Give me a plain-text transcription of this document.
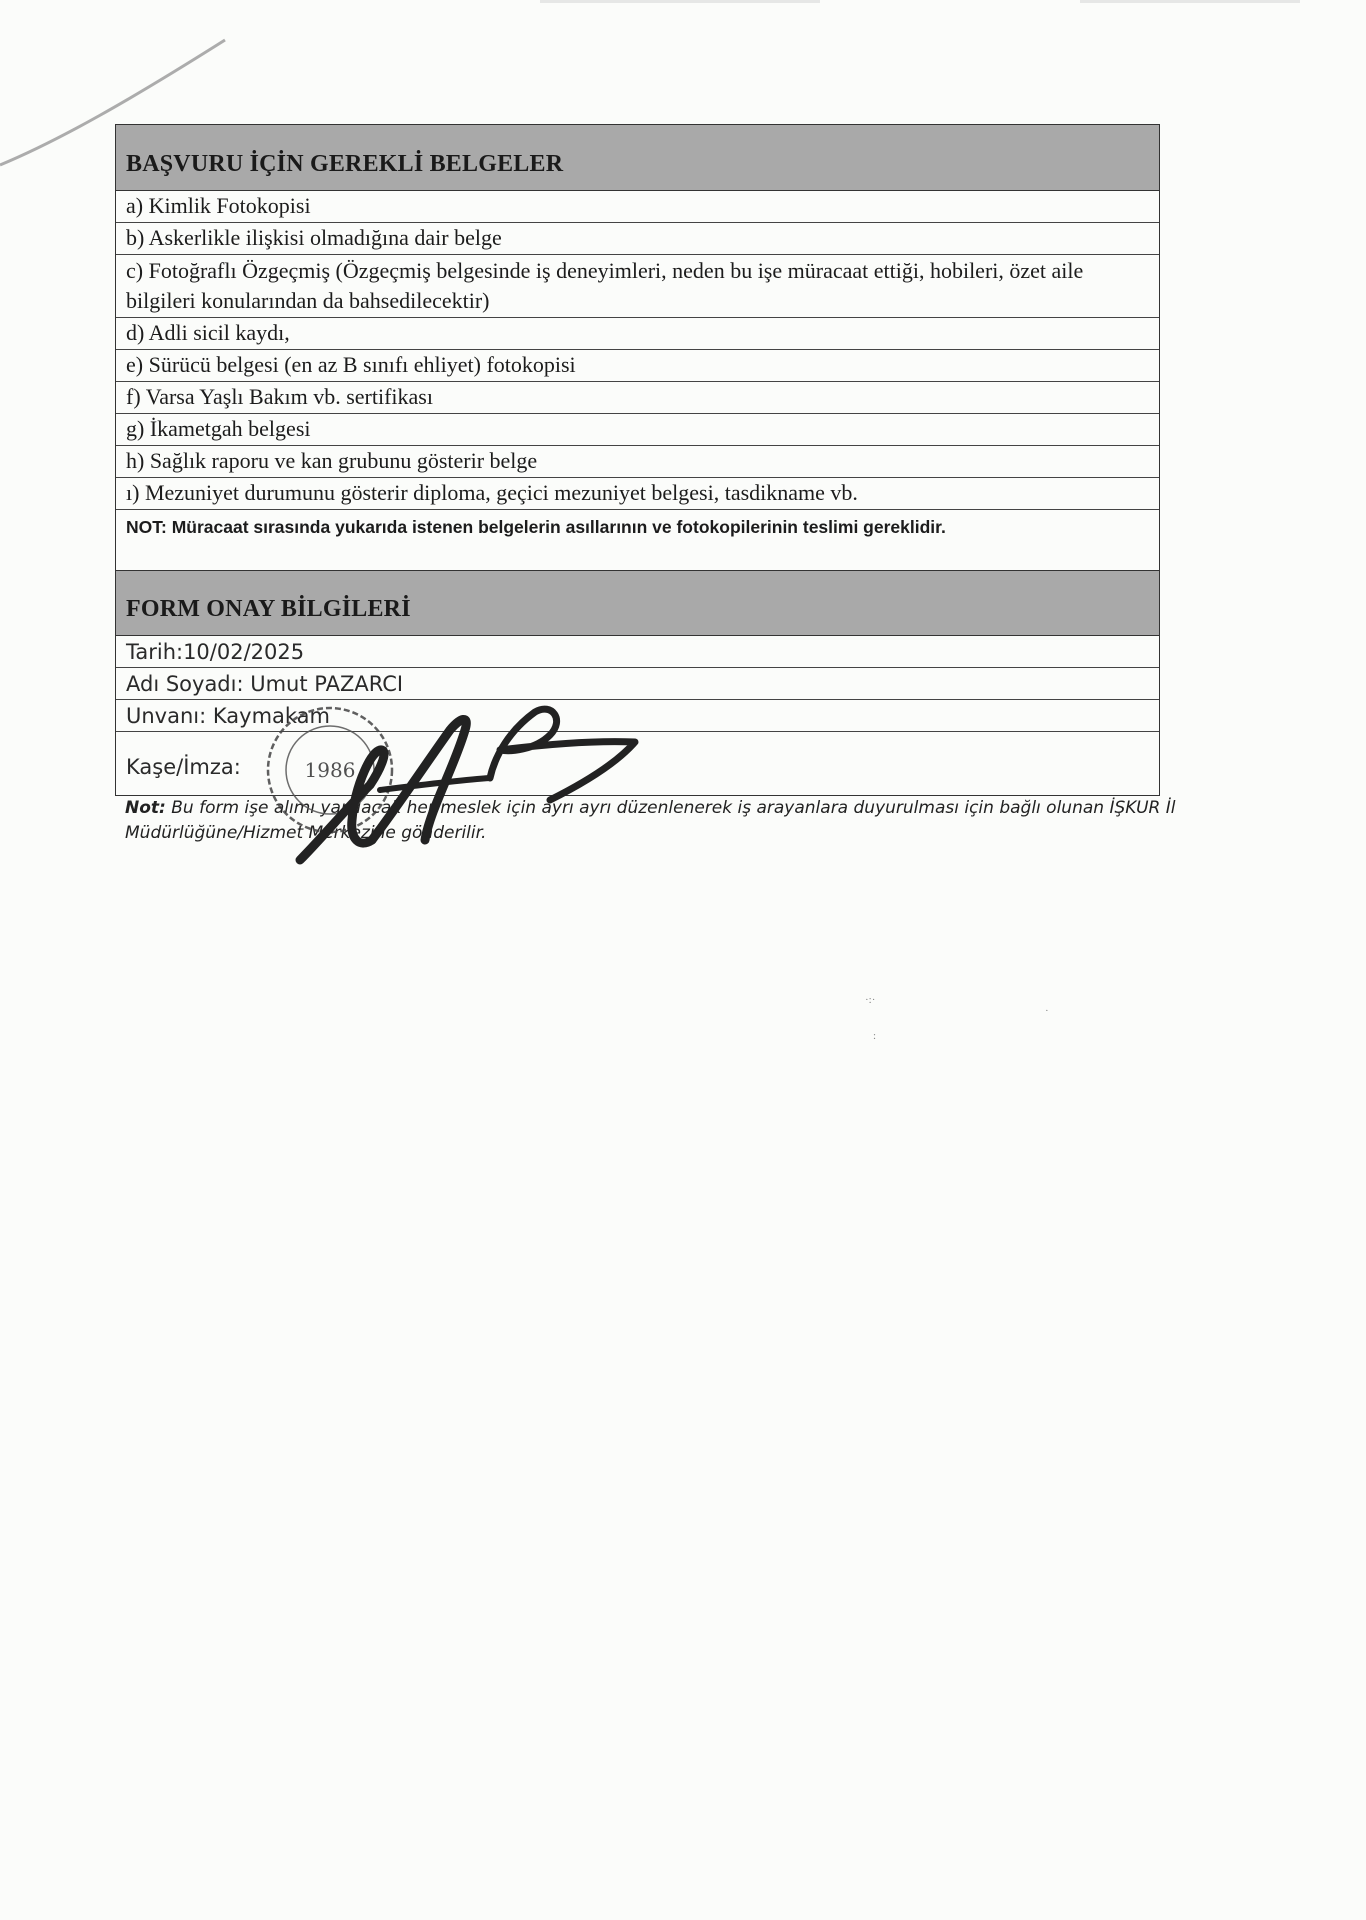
BAŞVURU İÇİN GEREKLİ BELGELER
a) Kimlik Fotokopisi
b) Askerlikle ilişkisi olmadığına dair belge
c) Fotoğraflı Özgeçmiş (Özgeçmiş belgesinde iş deneyimleri, neden bu işe müracaat ettiği, hobileri, özet aile bilgileri konularından da bahsedilecektir)
d) Adli sicil kaydı,
e) Sürücü belgesi (en az B sınıfı ehliyet) fotokopisi
f) Varsa Yaşlı Bakım vb. sertifikası
g) İkametgah belgesi
h) Sağlık raporu ve kan grubunu gösterir belge
ı) Mezuniyet durumunu gösterir diploma, geçici mezuniyet belgesi, tasdikname vb.
NOT: Müracaat sırasında yukarıda istenen belgelerin asıllarının ve fotokopilerinin teslimi gereklidir.
FORM ONAY BİLGİLERİ
Tarih:10/02/2025
Adı Soyadı: Umut PAZARCI
Unvanı: Kaymakam
Kaşe/İmza:
Not: Bu form işe alımı yapılacak her meslek için ayrı ayrı düzenlenerek iş arayanlara duyurulması için bağlı olunan İŞKUR İl Müdürlüğüne/Hizmet Merkezine gönderilir.
1986
·:·
:
·
